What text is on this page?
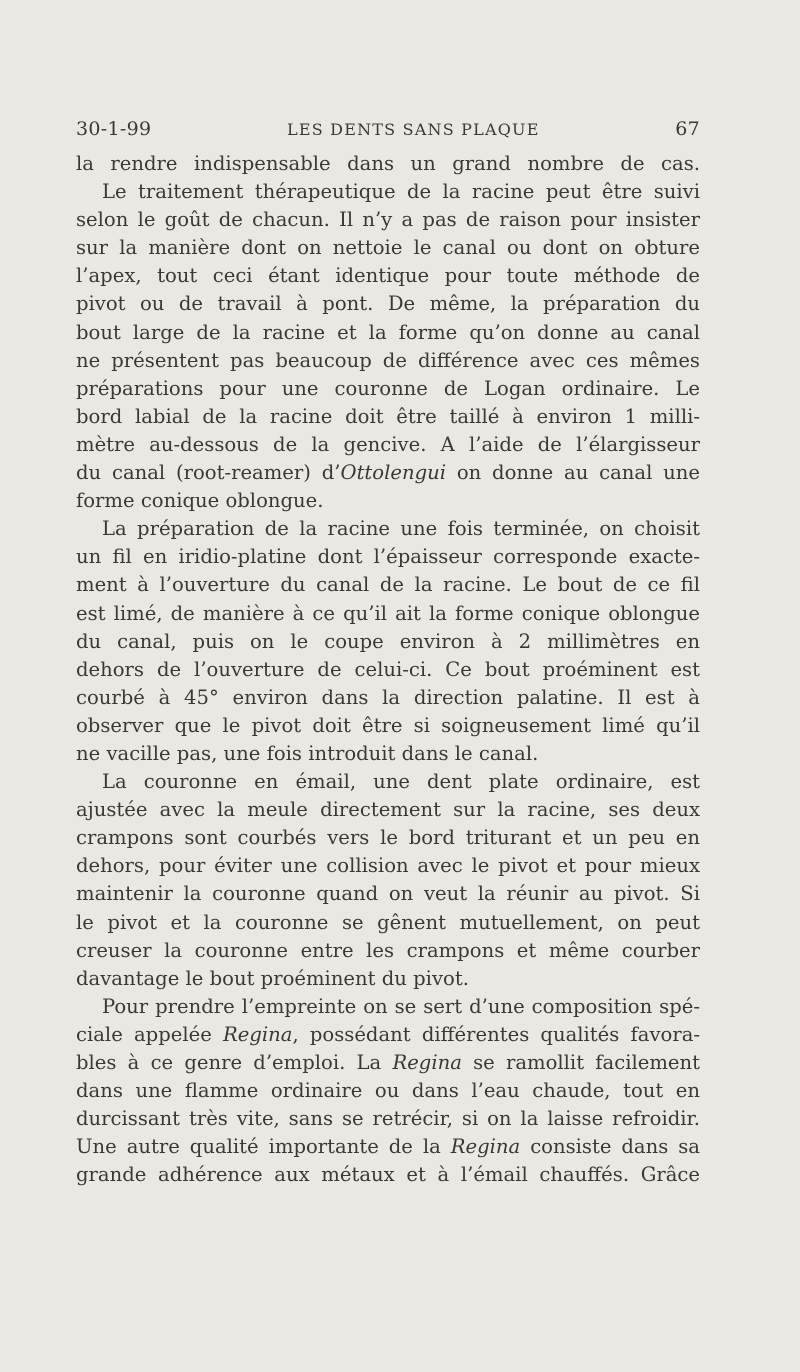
30-1-99	LES DENTS SANS PLAQUE	67
la rendre indispensable dans un grand nombre de cas.
Le traitement thérapeutique de la racine peut être suivi
selon le goût de chacun. Il n’y a pas de raison pour insister
sur la manière dont on nettoie le canal ou dont on obture
l’apex, tout ceci étant identique pour toute méthode de
pivot ou de travail à pont. De même, la préparation du
bout large de la racine et la forme qu’on donne au canal
ne présentent pas beaucoup de différence avec ces mêmes
préparations pour une couronne de Logan ordinaire. Le
bord labial de la racine doit être taillé à environ 1 milli-
mètre au-dessous de la gencive. A l’aide de l’élargisseur
du canal (root-reamer) d’Ottolengui on donne au canal une
forme conique oblongue.
La préparation de la racine une fois terminée, on choisit
un fil en iridio-platine dont l’épaisseur corresponde exacte-
ment à l’ouverture du canal de la racine. Le bout de ce fil
est limé, de manière à ce qu’il ait la forme conique oblongue
du canal, puis on le coupe environ à 2 millimètres en
dehors de l’ouverture de celui-ci. Ce bout proéminent est
courbé à 45° environ dans la direction palatine. Il est à
observer que le pivot doit être si soigneusement limé qu’il
ne vacille pas, une fois introduit dans le canal.
La couronne en émail, une dent plate ordinaire, est
ajustée avec la meule directement sur la racine, ses deux
crampons sont courbés vers le bord triturant et un peu en
dehors, pour éviter une collision avec le pivot et pour mieux
maintenir la couronne quand on veut la réunir au pivot. Si
le pivot et la couronne se gênent mutuellement, on peut
creuser la couronne entre les crampons et même courber
davantage le bout proéminent du pivot.
Pour prendre l’empreinte on se sert d’une composition spé-
ciale appelée Regina, possédant différentes qualités favora-
bles à ce genre d’emploi. La Regina se ramollit facilement
dans une flamme ordinaire ou dans l’eau chaude, tout en
durcissant très vite, sans se retrécir, si on la laisse refroidir.
Une autre qualité importante de la Regina consiste dans sa
grande adhérence aux métaux et à l’émail chauffés. Grâce
